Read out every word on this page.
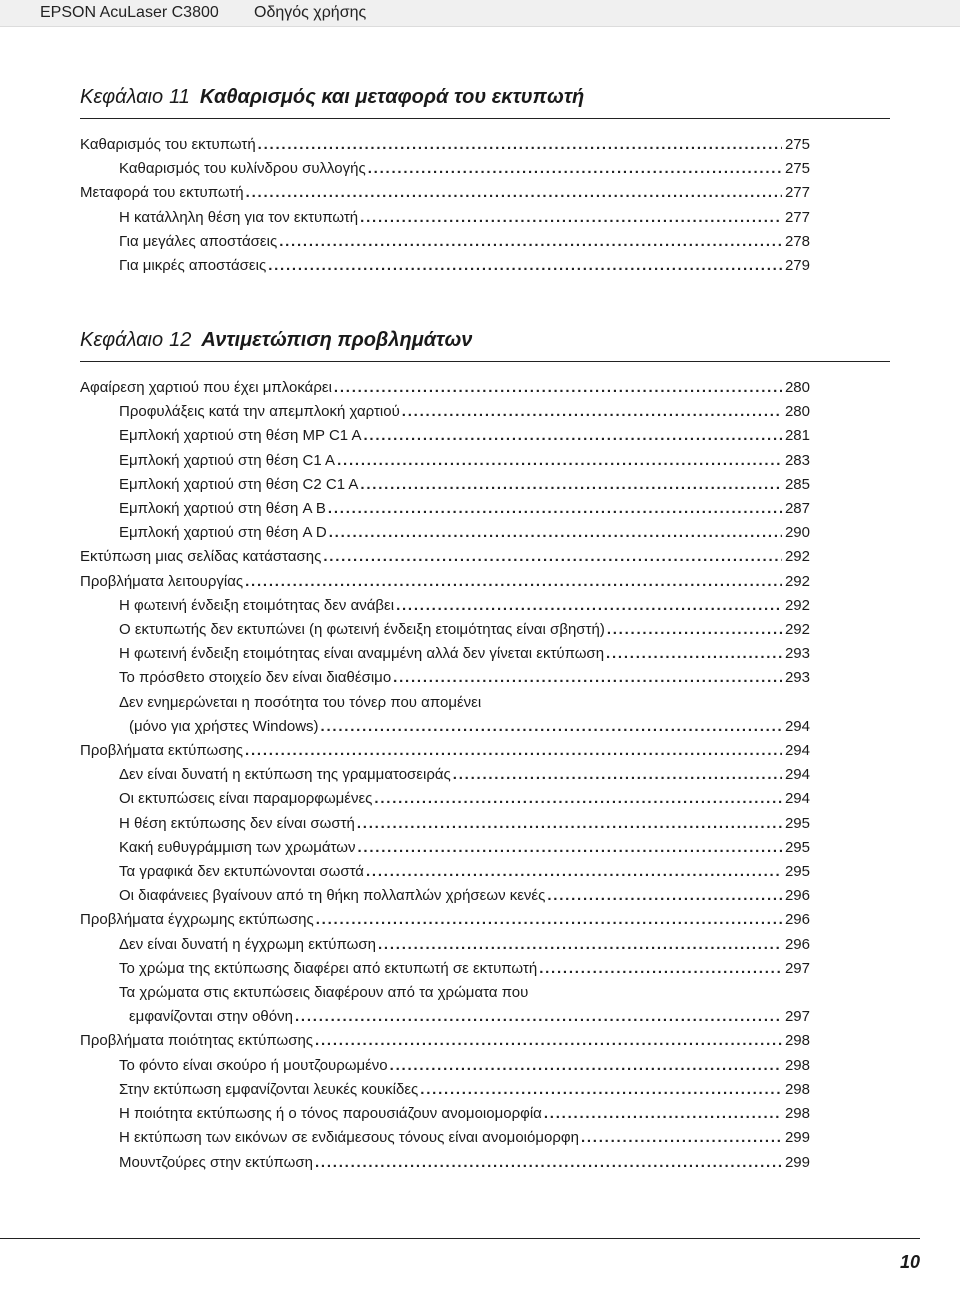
EPSON AcuLaser C3800 Οδηγός χρήσης
Κεφάλαιο 11 Καθαρισμός και μεταφορά του εκτυπωτή
Καθαρισμός του εκτυπωτή . . .	275
Καθαρισμός του κυλίνδρου συλλογής . . .	275
Μεταφορά του εκτυπωτή . . .	277
Η κατάλληλη θέση για τον εκτυπωτή . . .	277
Για μεγάλες αποστάσεις . . .	278
Για μικρές αποστάσεις . . .	279
Κεφάλαιο 12 Αντιμετώπιση προβλημάτων
Αφαίρεση χαρτιού που έχει μπλοκάρει . . .	280
Προφυλάξεις κατά την απεμπλοκή χαρτιού . . .	280
Εμπλοκή χαρτιού στη θέση MP C1 A . . .	281
Εμπλοκή χαρτιού στη θέση C1 A . . .	283
Εμπλοκή χαρτιού στη θέση C2 C1 A . . .	285
Εμπλοκή χαρτιού στη θέση A B . . .	287
Εμπλοκή χαρτιού στη θέση A D . . .	290
Εκτύπωση μιας σελίδας κατάστασης . . .	292
Προβλήματα λειτουργίας . . .	292
Η φωτεινή ένδειξη ετοιμότητας δεν ανάβει . . .	292
Ο εκτυπωτής δεν εκτυπώνει (η φωτεινή ένδειξη ετοιμότητας είναι σβηστή) . . .	292
Η φωτεινή ένδειξη ετοιμότητας είναι αναμμένη αλλά δεν γίνεται εκτύπωση . . .	293
Το πρόσθετο στοιχείο δεν είναι διαθέσιμο . . .	293
Δεν ενημερώνεται η ποσότητα του τόνερ που απομένει
(μόνο για χρήστες Windows) . . .	294
Προβλήματα εκτύπωσης . . .	294
Δεν είναι δυνατή η εκτύπωση της γραμματοσειράς . . .	294
Οι εκτυπώσεις είναι παραμορφωμένες . . .	294
Η θέση εκτύπωσης δεν είναι σωστή . . .	295
Κακή ευθυγράμμιση των χρωμάτων . . .	295
Τα γραφικά δεν εκτυπώνονται σωστά . . .	295
Οι διαφάνειες βγαίνουν από τη θήκη πολλαπλών χρήσεων κενές . . .	296
Προβλήματα έγχρωμης εκτύπωσης . . .	296
Δεν είναι δυνατή η έγχρωμη εκτύπωση . . .	296
Το χρώμα της εκτύπωσης διαφέρει από εκτυπωτή σε εκτυπωτή . . .	297
Τα χρώματα στις εκτυπώσεις διαφέρουν από τα χρώματα που
εμφανίζονται στην οθόνη . . .	297
Προβλήματα ποιότητας εκτύπωσης . . .	298
Το φόντο είναι σκούρο ή μουτζουρωμένο . . .	298
Στην εκτύπωση εμφανίζονται λευκές κουκίδες . . .	298
Η ποιότητα εκτύπωσης ή ο τόνος παρουσιάζουν ανομοιομορφία . . .	298
Η εκτύπωση των εικόνων σε ενδιάμεσους τόνους είναι ανομοιόμορφη . . .	299
Μουντζούρες στην εκτύπωση . . .	299
10
